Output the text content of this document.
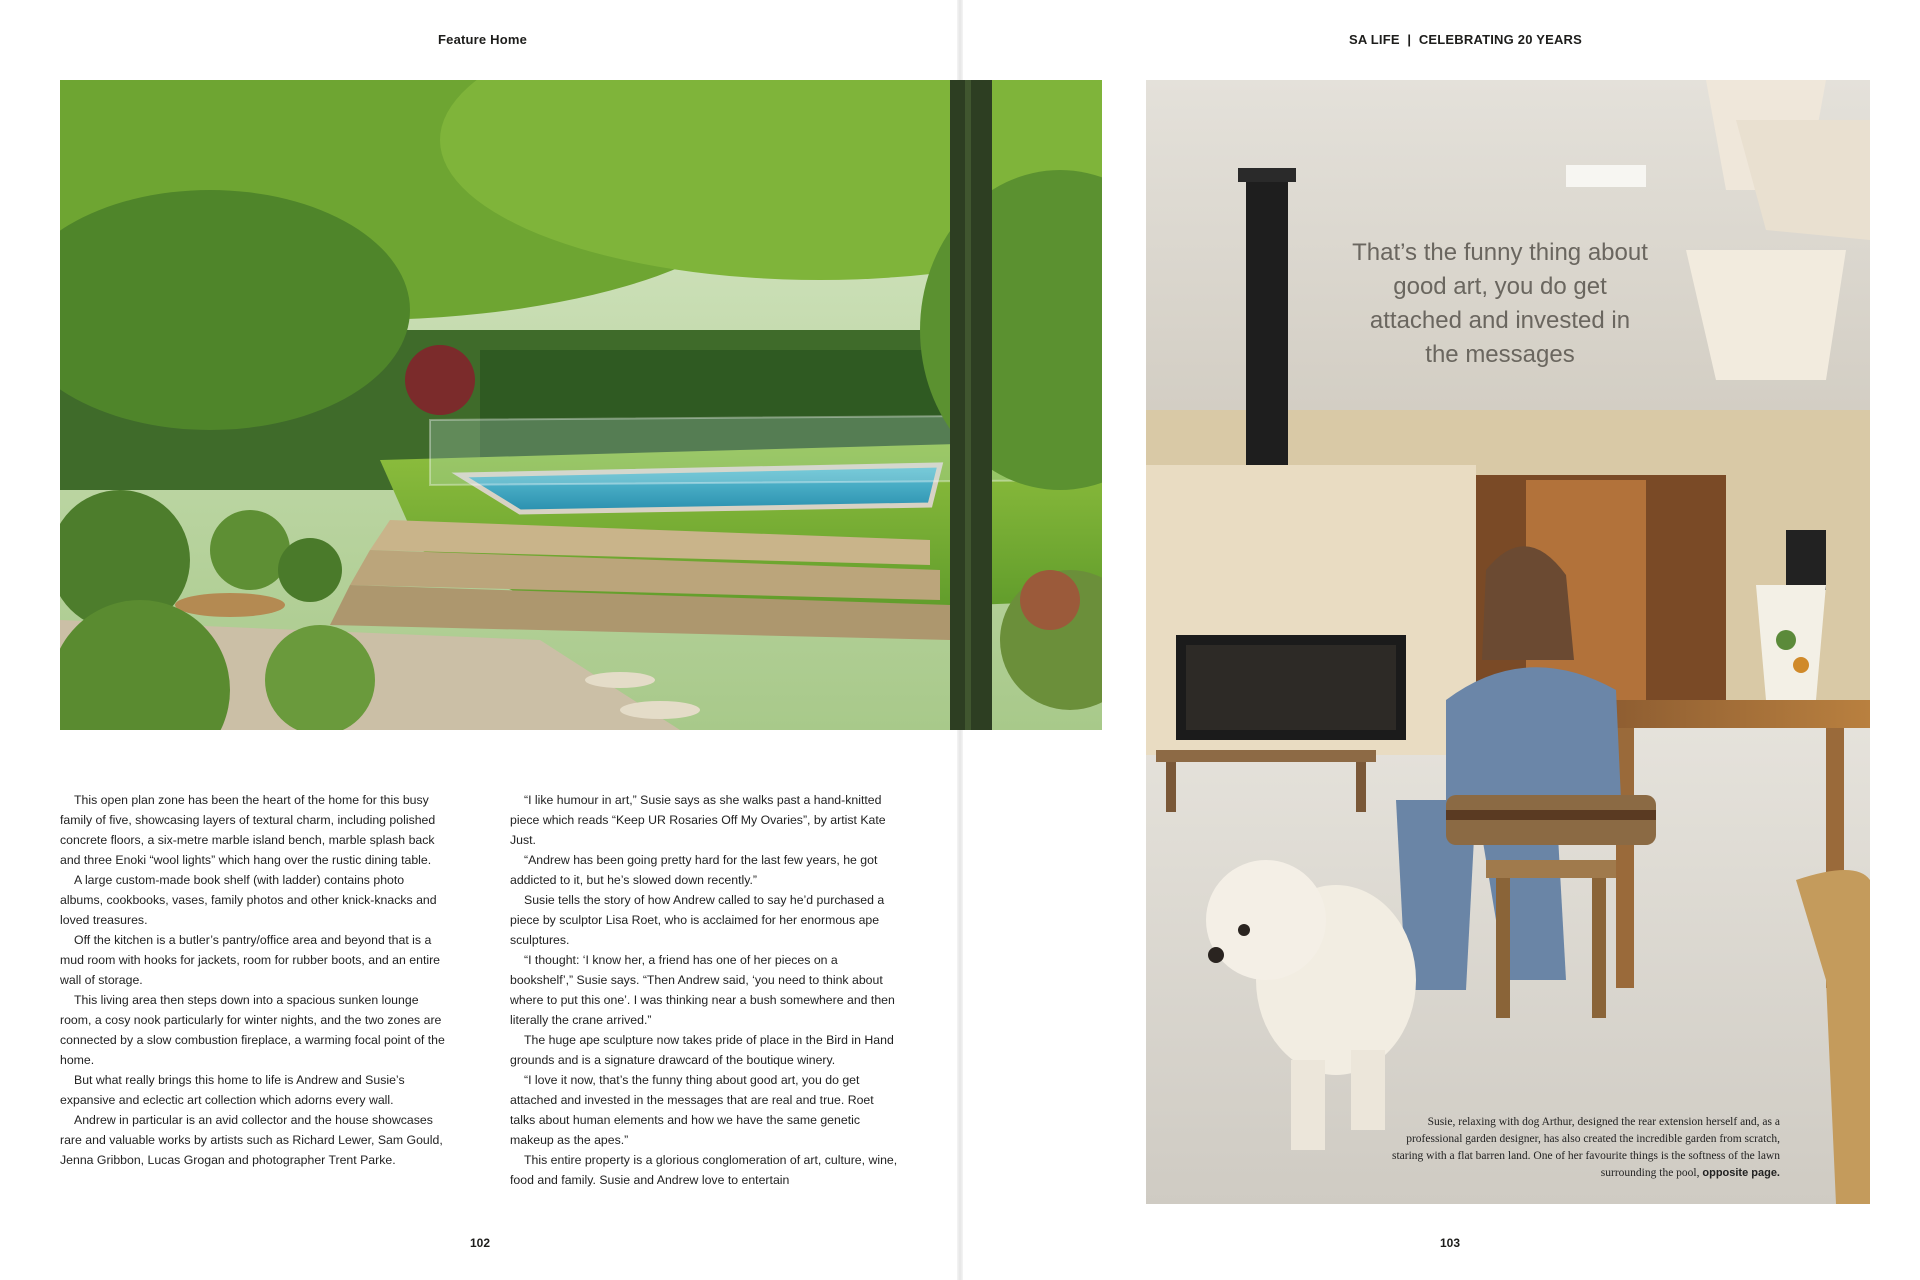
Feature Home	SA LIFE  |  CELEBRATING 20 YEARS

This open plan zone has been the heart of the home for this busy family of five, showcasing layers of textural charm, including polished concrete floors, a six-metre marble island bench, marble splash back and three Enoki “wool lights” which hang over the rustic dining table.

A large custom-made book shelf (with ladder) contains photo albums, cookbooks, vases, family photos and other knick-knacks and loved treasures.

Off the kitchen is a butler’s pantry/office area and beyond that is a mud room with hooks for jackets, room for rubber boots, and an entire wall of storage.

This living area then steps down into a spacious sunken lounge room, a cosy nook particularly for winter nights, and the two zones are connected by a slow combustion fireplace, a warming focal point of the home.

But what really brings this home to life is Andrew and Susie’s expansive and eclectic art collection which adorns every wall.

Andrew in particular is an avid collector and the house showcases rare and valuable works by artists such as Richard Lewer, Sam Gould, Jenna Gribbon, Lucas Grogan and photographer Trent Parke.

“I like humour in art,” Susie says as she walks past a hand-knitted piece which reads “Keep UR Rosaries Off My Ovaries”, by artist Kate Just.

“Andrew has been going pretty hard for the last few years, he got addicted to it, but he’s slowed down recently.”

Susie tells the story of how Andrew called to say he’d purchased a piece by sculptor Lisa Roet, who is acclaimed for her enormous ape sculptures.

“I thought: ‘I know her, a friend has one of her pieces on a bookshelf’,” Susie says. “Then Andrew said, ‘you need to think about where to put this one’. I was thinking near a bush somewhere and then literally the crane arrived.”

The huge ape sculpture now takes pride of place in the Bird in Hand grounds and is a signature drawcard of the boutique winery.

“I love it now, that’s the funny thing about good art, you do get attached and invested in the messages that are real and true. Roet talks about human elements and how we have the same genetic makeup as the apes.”

This entire property is a glorious conglomeration of art, culture, wine, food and family. Susie and Andrew love to entertain

102
That’s the funny thing about good art, you do get attached and invested in the messages
Susie, relaxing with dog Arthur, designed the rear extension herself and, as a professional garden designer, has also created the incredible garden from scratch, staring with a flat barren land. One of her favourite things is the softness of the lawn surrounding the pool, opposite page.
103
